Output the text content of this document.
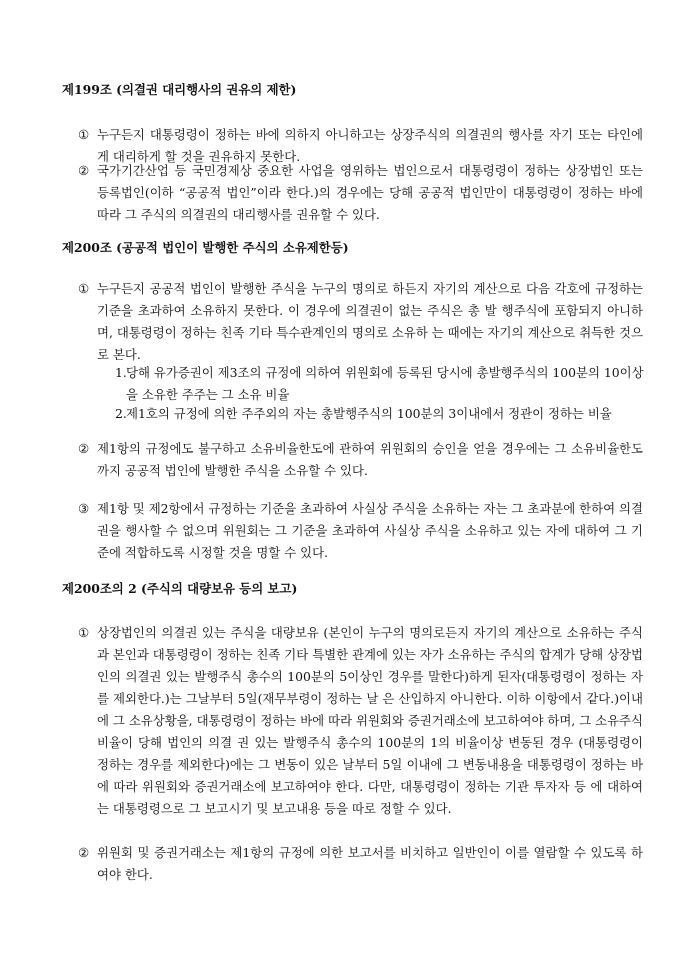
제199조 (의결권 대리행사의 권유의 제한)
① 누구든지 대통령령이 정하는 바에 의하지 아니하고는 상장주식의 의결권의 행사를 자기 또는 타인에게 대리하게 할 것을 권유하지 못한다.
② 국가기간산업 등 국민경제상 중요한 사업을 영위하는 법인으로서 대통령령이 정하는 상장법인 또는 등록법인(이하 “공공적 법인”이라 한다.)의 경우에는 당해 공공적 법인만이 대통령령이 정하는 바에 따라 그 주식의 의결권의 대리행사를 권유할 수 있다.
제200조 (공공적 법인이 발행한 주식의 소유제한등)
① 누구든지 공공적 법인이 발행한 주식을 누구의 명의로 하든지 자기의 계산으로 다음 각호에 규정하는 기준을 초과하여 소유하지 못한다. 이 경우에 의결권이 없는 주식은 총 발 행주식에 포함되지 아니하며, 대통령령이 정하는 친족 기타 특수관계인의 명의로 소유하 는 때에는 자기의 계산으로 취득한 것으로 본다.
1. 당해 유가증권이 제3조의 규정에 의하여 위원회에 등록된 당시에 총발행주식의 100분의 10이상을 소유한 주주는 그 소유 비율
2. 제1호의 규정에 의한 주주외의 자는 총발행주식의 100분의 3이내에서 정관이 정하는 비율
② 제1항의 규정에도 불구하고 소유비율한도에 관하여 위원회의 승인을 얻을 경우에는 그 소유비율한도까지 공공적 법인에 발행한 주식을 소유할 수 있다.
③ 제1항 및 제2항에서 규정하는 기준을 초과하여 사실상 주식을 소유하는 자는 그 초과분에 한하여 의결권을 행사할 수 없으며 위원회는 그 기준을 초과하여 사실상 주식을 소유하고 있는 자에 대하여 그 기준에 적합하도록 시정할 것을 명할 수 있다.
제200조의 2 (주식의 대량보유 등의 보고)
① 상장법인의 의결권 있는 주식을 대량보유 (본인이 누구의 명의로든지 자기의 계산으로 소유하는 주식과 본인과 대통령령이 정하는 친족 기타 특별한 관계에 있는 자가 소유하는 주식의 합계가 당해 상장법인의 의결권 있는 발행주식 총수의 100분의 5이상인 경우를 말한다)하게 된자(대통령령이 정하는 자를 제외한다.)는 그날부터 5일(재무부령이 정하는 날 은 산입하지 아니한다. 이하 이항에서 같다.)이내에 그 소유상황을, 대통령령이 정하는 바에 따라 위원회와 증권거래소에 보고하여야 하며, 그 소유주식비율이 당해 법인의 의결 권 있는 발행주식 총수의 100분의 1의 비율이상 변동된 경우 (대통령령이 정하는 경우를 제외한다)에는 그 변동이 있은 날부터 5일 이내에 그 변동내용을 대통령령이 정하는 바에 따라 위원회와 증권거래소에 보고하여야 한다. 다만, 대통령령이 정하는 기관 투자자 등 에 대하여는 대통령령으로 그 보고시기 및 보고내용 등을 따로 정할 수 있다.
② 위원회 및 증권거래소는 제1항의 규정에 의한 보고서를 비치하고 일반인이 이를 열람할 수 있도록 하여야 한다.
